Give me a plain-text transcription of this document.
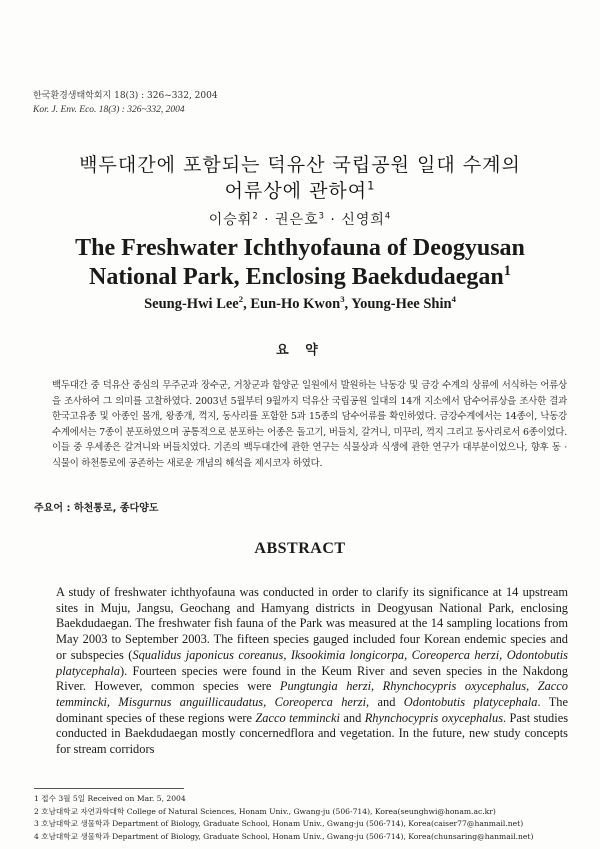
한국환경생태학회지 18(3) : 326~332, 2004
Kor. J. Env. Eco. 18(3) : 326~332, 2004
백두대간에 포함되는 덕유산 국립공원 일대 수계의
어류상에 관하여$^1$
이승휘$^2$ · 권은호$^3$ · 신영희$^4$
The Freshwater Ichthyofauna of Deogyusan
National Park, Enclosing Baekdudaegan$^1$
Seung-Hwi Lee$^2$, Eun-Ho Kwon$^3$, Young-Hee Shin$^4$
요 약
백두대간 중 덕유산 중심의 무주군과 장수군, 거창군과 함양군 일원에서 발원하는 낙동강 및 금강 수계의 상류에 서식하는 어류상을 조사하여 그 의미를 고찰하였다. 2003년 5월부터 9월까지 덕유산 국립공원 일대의 14개 지소에서 담수어류상을 조사한 결과 한국고유종 및 아종인 몰개, 왕종개, 꺽지, 동사리를 포함한 5과 15종의 담수어류를 확인하였다. 금강수계에서는 14종이, 낙동강 수계에서는 7종이 분포하였으며 공통적으로 분포하는 어종은 돌고기, 버들치, 갈겨니, 미꾸리, 꺽지 그리고 동사리로서 6종이었다. 이들 중 우세종은 갈겨니와 버들치였다. 기존의 백두대간에 관한 연구는 식물상과 식생에 관한 연구가 대부분이었으나, 향후 동 · 식물이 하천통로에 공존하는 새로운 개념의 해석을 제시코자 하였다.
주요어 : 하천통로, 종다양도
ABSTRACT
A study of freshwater ichthyofauna was conducted in order to clarify its significance at 14 upstream sites in Muju, Jangsu, Geochang and Hamyang districts in Deogyusan National Park, enclosing Baekdudaegan. The freshwater fish fauna of the Park was measured at the 14 sampling locations from May 2003 to September 2003. The fifteen species gauged included four Korean endemic species and or subspecies (Squalidus japonicus coreanus, Iksookimia longicorpa, Coreoperca herzi, Odontobutis platycephala). Fourteen species were found in the Keum River and seven species in the Nakdong River. However, common species were Pungtungia herzi, Rhynchocypris oxycephalus, Zacco temmincki, Misgurnus anguillicaudatus, Coreoperca herzi, and Odontobutis platycephala. The dominant species of these regions were Zacco temmincki and Rhynchocypris oxycephalus. Past studies conducted in Baekdudaegan mostly concernedflora and vegetation. In the future, new study concepts for stream corridors
1 접수 3월 5일 Received on Mar. 5, 2004
2 호남대학교 자연과학대학 College of Natural Sciences, Honam Univ., Gwang-ju (506-714), Korea(seunghwi@honam.ac.kr)
3 호남대학교 생물학과 Department of Biology, Graduate School, Honam Univ., Gwang-ju (506-714), Korea(caiser77@hanmail.net)
4 호남대학교 생물학과 Department of Biology, Graduate School, Honam Univ., Gwang-ju (506-714), Korea(chunsaring@hanmail.net)
